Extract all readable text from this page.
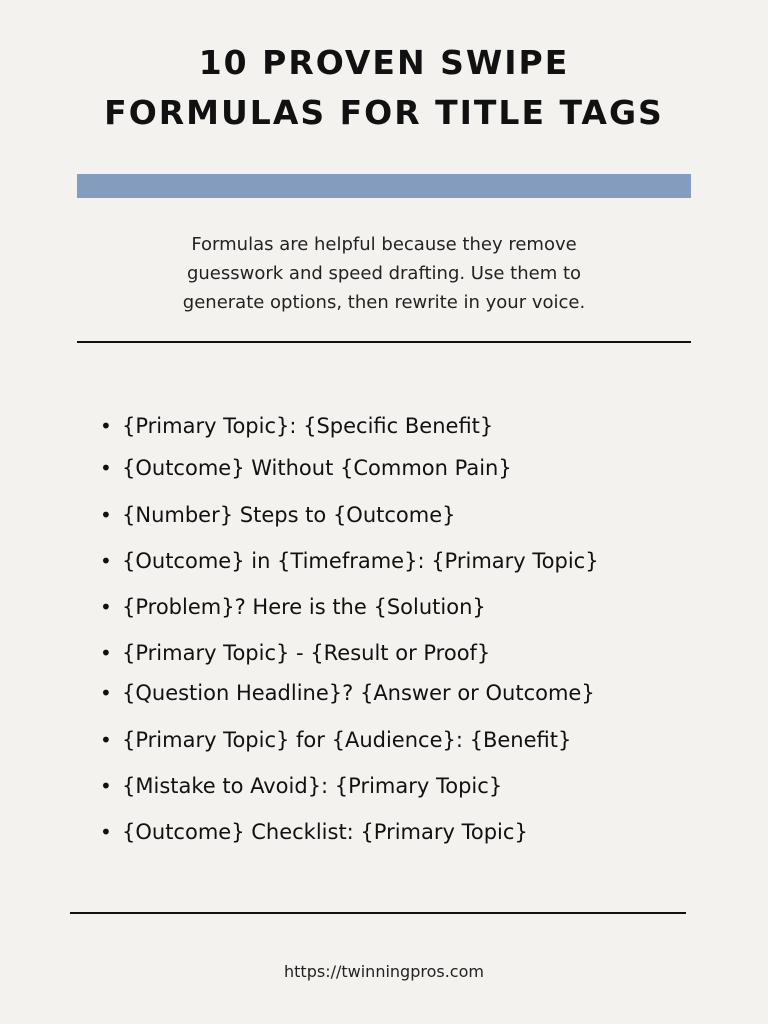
10 PROVEN SWIPE
FORMULAS FOR TITLE TAGS

Formulas are helpful because they remove
guesswork and speed drafting. Use them to
generate options, then rewrite in your voice.

• {Primary Topic}: {Specific Benefit}
• {Outcome} Without {Common Pain}
• {Number} Steps to {Outcome}
• {Outcome} in {Timeframe}: {Primary Topic}
• {Problem}? Here is the {Solution}
• {Primary Topic} - {Result or Proof}
• {Question Headline}? {Answer or Outcome}
• {Primary Topic} for {Audience}: {Benefit}
• {Mistake to Avoid}: {Primary Topic}
• {Outcome} Checklist: {Primary Topic}
https://twinningpros.com
